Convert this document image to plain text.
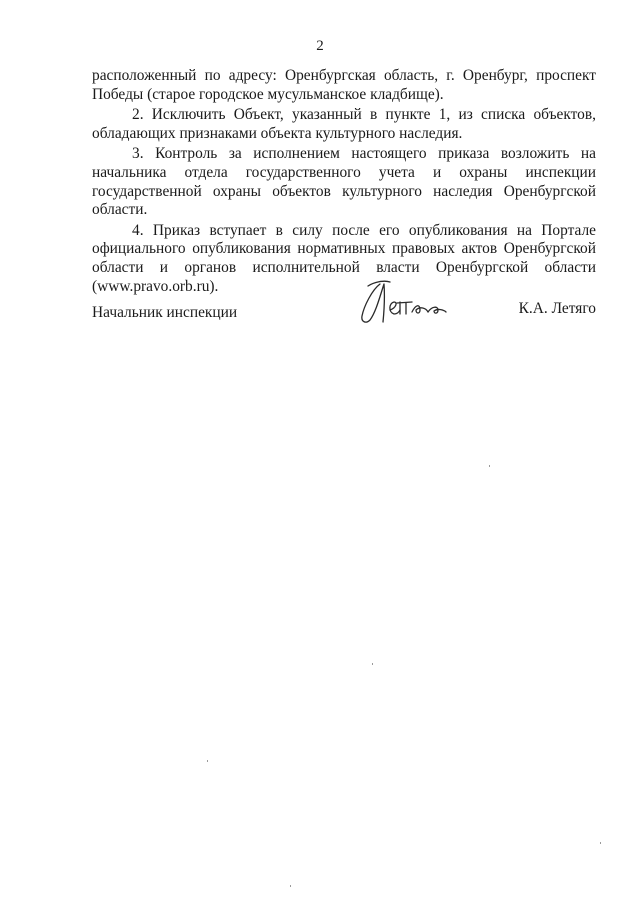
2

расположенный по адресу: Оренбургская область, г. Оренбург, проспект Победы (старое городское мусульманское кладбище).

2. Исключить Объект, указанный в пункте 1, из списка объектов, обладающих признаками объекта культурного наследия.

3. Контроль за исполнением настоящего приказа возложить на начальника отдела государственного учета и охраны инспекции государственной охраны объектов культурного наследия Оренбургской области.

4. Приказ вступает в силу после его опубликования на Портале официального опубликования нормативных правовых актов Оренбургской области и органов исполнительной власти Оренбургской области (www.pravo.orb.ru).

Начальник инспекции	К.А. Летяго
